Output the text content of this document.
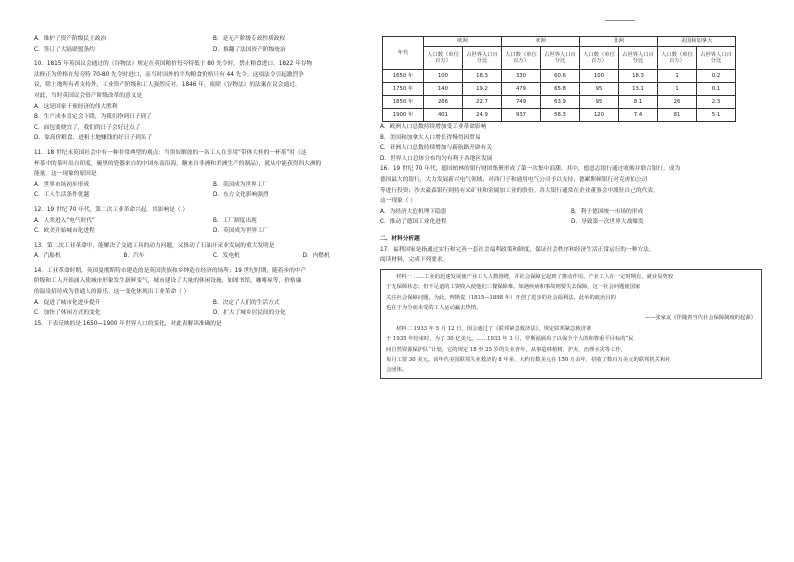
A．维护了资产阶级民主政治	B．是无产阶级专政性质政权
C．签订了大陆联盟条约	D．推翻了法国资产阶级统治
10．1815 年英国议会通过的《谷物法》规定在英国粮价每夸特低于 80 先令时，禁止粮食进口。1822 年谷物
法修正为价格在每夸特 70-80 先令时进口，而当时国外的平均粮食价格只有 44 先令。这项法令引起激烈争
议，除土地所有者支持外，工业资产阶级和工人强烈反对。1846 年，废除《谷物法》的法案在议会通过。
对此，当时英国议会资产阶级改革的意义是
A．这是国家干预经济的伟大胜利
B．生产成本肯定会下降，为我们挣到日子到了
C．面包要便宜了，我们的日子会好过点了
D．靠高价粮食、进租土地赚钱的好日子到头了
11．18 世纪末英国社会中有一种非常典型的观点：当黑奴解放的一名工人在享用“带体大桂的一杯茶”时（这
杯茶中的茶叶出自印度，碗里的瓷器来自的中国东南沿海，糖来自非洲和美洲生产的制品），就从中能获得四大洲的
能量。这一现象的原因是
A．世界市场初步形成	B．英国成为世界工厂
C．工人生活条件优越	D．东方文化影响强烈
12．19 世纪 70 年代，第二次工业革命兴起。其影响是（ ）
A．人类进入“电气时代”	B．工厂制度出现
C．欧美开始城市化进程	D．英国成为世界工厂
13．第二次工业革命中，能解决了交通工具的动力问题，又推动了石油开采业发展的重大发明是
A．汽船机	B．汽车	C．发电机	D．内燃机
14．工业革命时期，英国曼彻斯特市建造的是英国贵族和乡绅造在经济的场所；19 世纪时期，随着步的中产
阶级和工人开始涌入使城市形象发生新鲜变气，城市建设了大量的休闲设施，如图书馆、咖啡屋等，价格廉
的温泉招待成为普通人的游乐。这一变化体现出工业革命（ ）
A．促进了城市化进步提升	B．决定了人们的生活方式
C．加快了休闲方式的变化	D．扩大了城乡居民间的分化
15．下表反映的是 1650—1900 年世界人口的变化，对此表解读准确的是
年代	欧洲		亚洲		非洲		美国和加拿大	
	人口数（单位百万）	占世界人口百分比	人口数（单位百万）	占世界人口百分比	人口数（单位百万）	占世界人口百分比	人口数（单位百万）	占世界人口百分比
1650 年	100	18.3	330	60.6	100	18.3	1	0.2
1750 年	140	19.2	479	65.8	95	13.1	1	0.1
1850 年	266	22.7	749	63.9	95	8.1	26	2.3
1900 年	401	24.9	937	58.3	120	7.4	81	5.1
A．欧洲人口总数持续增加受工业革命影响
B．美国和加拿大人口增长得慢得因贸易
C．亚洲人口总数持续增加与新航路开辟有关
D．世界人口总体分布均匀有利于各地区发展
16．19 世纪 70 年代，德国柏林的银行财团集聚形成了第一次集中浪潮。其中，德意志银行通过收购并联合银行，成为
德国最大的银行，大力发展新兴电气领域，对西门子和通用电气公司予以支持；德累斯顿银行对克虏伯公司
等进行投资；沙夫豪森银行则持有采矿业和金属加工业的股份。各大银行通常在企业董事会中派驻自己的代表。
这一现象（ ）
A．为经济大危机埋下隐患	B．利于德国统一市场的形成
C．推动了德国工业化进程	D．导致第一次世界大战爆发
二、材料分析题
17．福利国家是指通过实行和完善一套社会福利政策和制度，保证社会秩序和经济生活正常运行的一种方法。
阅读材料，完成下列要求。
材料一 ……工业的迅速发展使产业工人人数剧增，并社会保障它起到了推动作用。产业工人在一定时期有，就业局势较
于无保障状态；但不足道的工资收入使他们三餐保障难。如遇疾病和事故则要失去保障，这一社会问题使国家
关注社会保障问题，为此，俾斯麦（1815—1898 年）开创了进步的社会福利法。此举的政治目的
也在于为分而未受的工人运动赢去热情。
——张家友《伴随着当代社会保障制度的起源》
材料二 1933 年 5 月 12 日，国会通过了《联邦紧急救济法》，规定联邦紧急救济署
于 1935 年结束时，为了 30 亿美元。……1933 年 3 月，罗斯福颁布了以保全个人的和尊重平目标的“民
间自然资源保护队”计划，它的规定 18 至 25 岁的失业青年，从事造林植树、护火、治理水灾等工作，
每月工资 30 美元。该年代美国联邦失业救济的 8 年多，大约有数美元在 150 万余年，招收了数百万美元的联邦机关和社
会团体。
